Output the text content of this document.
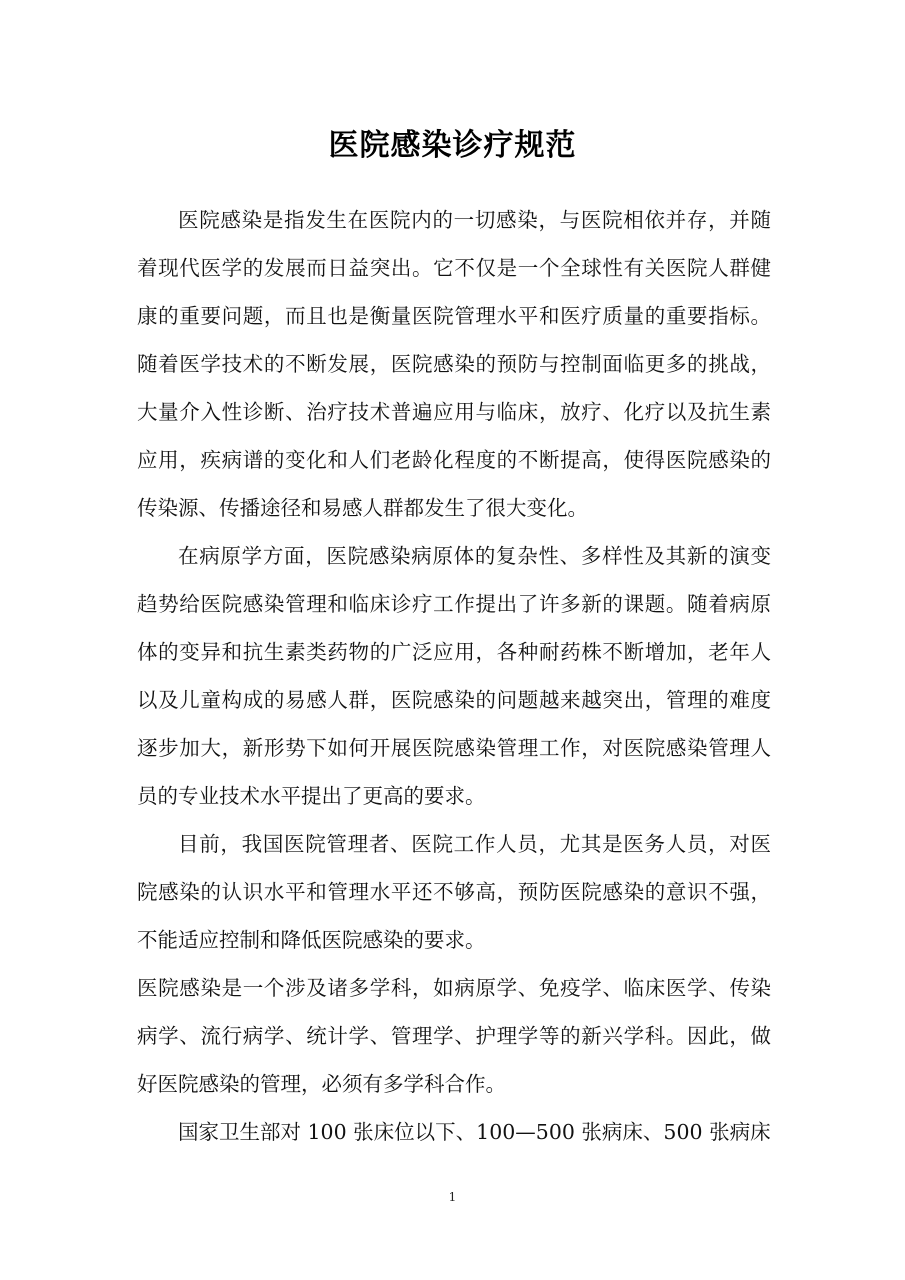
医院感染诊疗规范

医院感染是指发生在医院内的一切感染，与医院相依并存，并随着现代医学的发展而日益突出。它不仅是一个全球性有关医院人群健康的重要问题，而且也是衡量医院管理水平和医疗质量的重要指标。随着医学技术的不断发展，医院感染的预防与控制面临更多的挑战，大量介入性诊断、治疗技术普遍应用与临床，放疗、化疗以及抗生素应用，疾病谱的变化和人们老龄化程度的不断提高，使得医院感染的传染源、传播途径和易感人群都发生了很大变化。

在病原学方面，医院感染病原体的复杂性、多样性及其新的演变趋势给医院感染管理和临床诊疗工作提出了许多新的课题。随着病原体的变异和抗生素类药物的广泛应用，各种耐药株不断增加，老年人以及儿童构成的易感人群，医院感染的问题越来越突出，管理的难度逐步加大，新形势下如何开展医院感染管理工作，对医院感染管理人员的专业技术水平提出了更高的要求。

目前，我国医院管理者、医院工作人员，尤其是医务人员，对医院感染的认识水平和管理水平还不够高，预防医院感染的意识不强，不能适应控制和降低医院感染的要求。

医院感染是一个涉及诸多学科，如病原学、免疫学、临床医学、传染病学、流行病学、统计学、管理学、护理学等的新兴学科。因此，做好医院感染的管理，必须有多学科合作。

国家卫生部对 100 张床位以下、100—500 张病床、500 张病床

1
